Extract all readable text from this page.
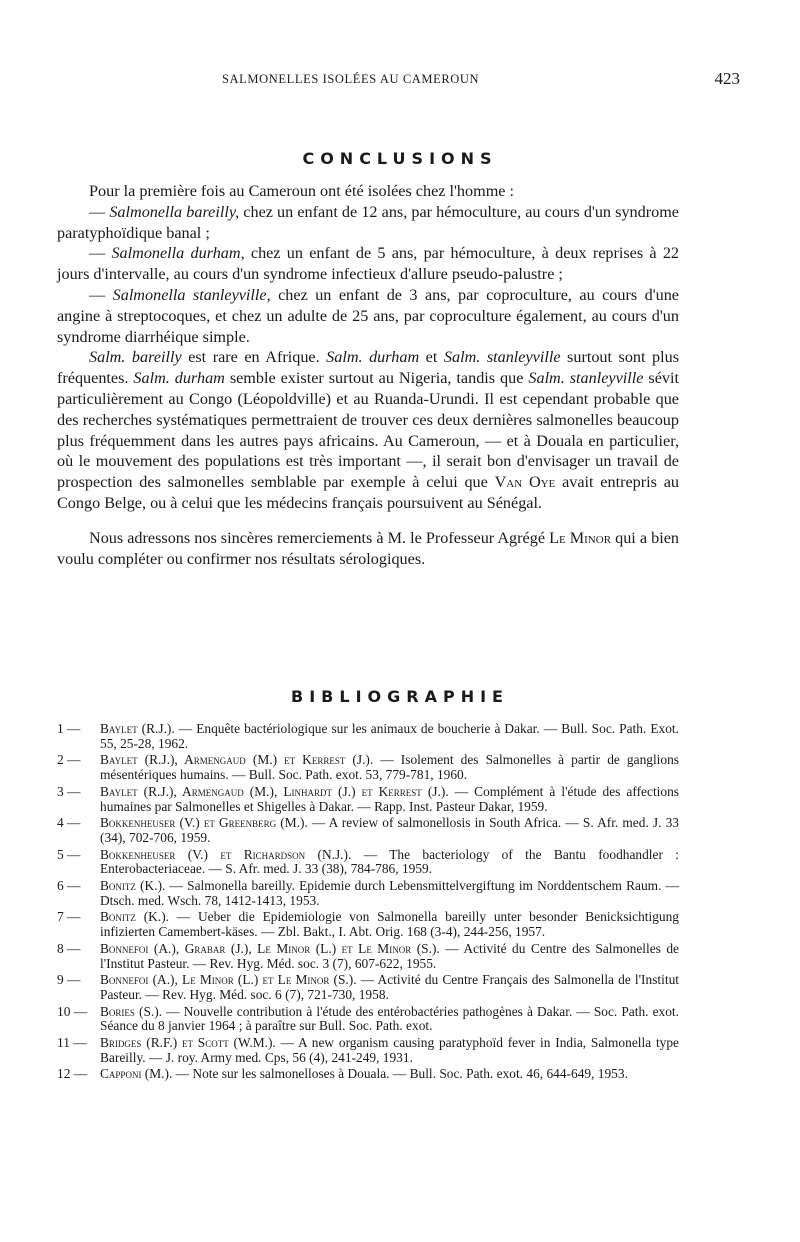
SALMONELLES ISOLÉES AU CAMEROUN	423
CONCLUSIONS

Pour la première fois au Cameroun ont été isolées chez l'homme :

— Salmonella bareilly, chez un enfant de 12 ans, par hémoculture, au cours d'un syndrome paratyphoïdique banal ;

— Salmonella durham, chez un enfant de 5 ans, par hémoculture, à deux reprises à 22 jours d'intervalle, au cours d'un syndrome infectieux d'allure pseudo-palustre ;

— Salmonella stanleyville, chez un enfant de 3 ans, par coproculture, au cours d'une angine à streptocoques, et chez un adulte de 25 ans, par coproculture également, au cours d'un syndrome diarrhéique simple.

Salm. bareilly est rare en Afrique. Salm. durham et Salm. stanleyville surtout sont plus fréquentes. Salm. durham semble exister surtout au Nigeria, tandis que Salm. stanleyville sévit particulièrement au Congo (Léopoldville) et au Ruanda-Urundi. Il est cependant probable que des recherches systématiques permettraient de trouver ces deux dernières salmonelles beaucoup plus fréquemment dans les autres pays africains. Au Cameroun, — et à Douala en particulier, où le mouvement des populations est très important —, il serait bon d'envisager un travail de prospection des salmonelles semblable par exemple à celui que Van Oye avait entrepris au Congo Belge, ou à celui que les médecins français poursuivent au Sénégal.

Nous adressons nos sincères remerciements à M. le Professeur Agrégé Le Minor qui a bien voulu compléter ou confirmer nos résultats sérologiques.

BIBLIOGRAPHIE
1 —	Baylet (R.J.). — Enquête bactériologique sur les animaux de boucherie à Dakar. — Bull. Soc. Path. Exot. 55, 25-28, 1962.
2 —	Baylet (R.J.), Armengaud (M.) et Kerrest (J.). — Isolement des Salmonelles à partir de ganglions mésentériques humains. — Bull. Soc. Path. exot. 53, 779-781, 1960.
3 —	Baylet (R.J.), Armengaud (M.), Linhardt (J.) et Kerrest (J.). — Complément à l'étude des affections humaines par Salmonelles et Shigelles à Dakar. — Rapp. Inst. Pasteur Dakar, 1959.
4 —	Bokkenheuser (V.) et Greenberg (M.). — A review of salmonellosis in South Africa. — S. Afr. med. J. 33 (34), 702-706, 1959.
5 —	Bokkenheuser (V.) et Richardson (N.J.). — The bacteriology of the Bantu foodhandler : Enterobacteriaceae. — S. Afr. med. J. 33 (38), 784-786, 1959.
6 —	Bonitz (K.). — Salmonella bareilly. Epidemie durch Lebensmittelvergiftung im Norddentschem Raum. — Dtsch. med. Wsch. 78, 1412-1413, 1953.
7 —	Bonitz (K.). — Ueber die Epidemiologie von Salmonella bareilly unter besonder Benicksichtigung infizierten Camembert-käses. — Zbl. Bakt., I. Abt. Orig. 168 (3-4), 244-256, 1957.
8 —	Bonnefoi (A.), Grabar (J.), Le Minor (L.) et Le Minor (S.). — Activité du Centre des Salmonelles de l'Institut Pasteur. — Rev. Hyg. Méd. soc. 3 (7), 607-622, 1955.
9 —	Bonnefoi (A.), Le Minor (L.) et Le Minor (S.). — Activité du Centre Français des Salmonella de l'Institut Pasteur. — Rev. Hyg. Méd. soc. 6 (7), 721-730, 1958.
10 — Bories (S.). — Nouvelle contribution à l'étude des entérobactéries pathogènes à Dakar. — Soc. Path. exot. Séance du 8 janvier 1964 ; à paraître sur Bull. Soc. Path. exot.
11 — Bridges (R.F.) et Scott (W.M.). — A new organism causing paratyphoïd fever in India, Salmonella type Bareilly. — J. roy. Army med. Cps, 56 (4), 241-249, 1931.
12 — Capponi (M.). — Note sur les salmonelloses à Douala. — Bull. Soc. Path. exot. 46, 644-649, 1953.
